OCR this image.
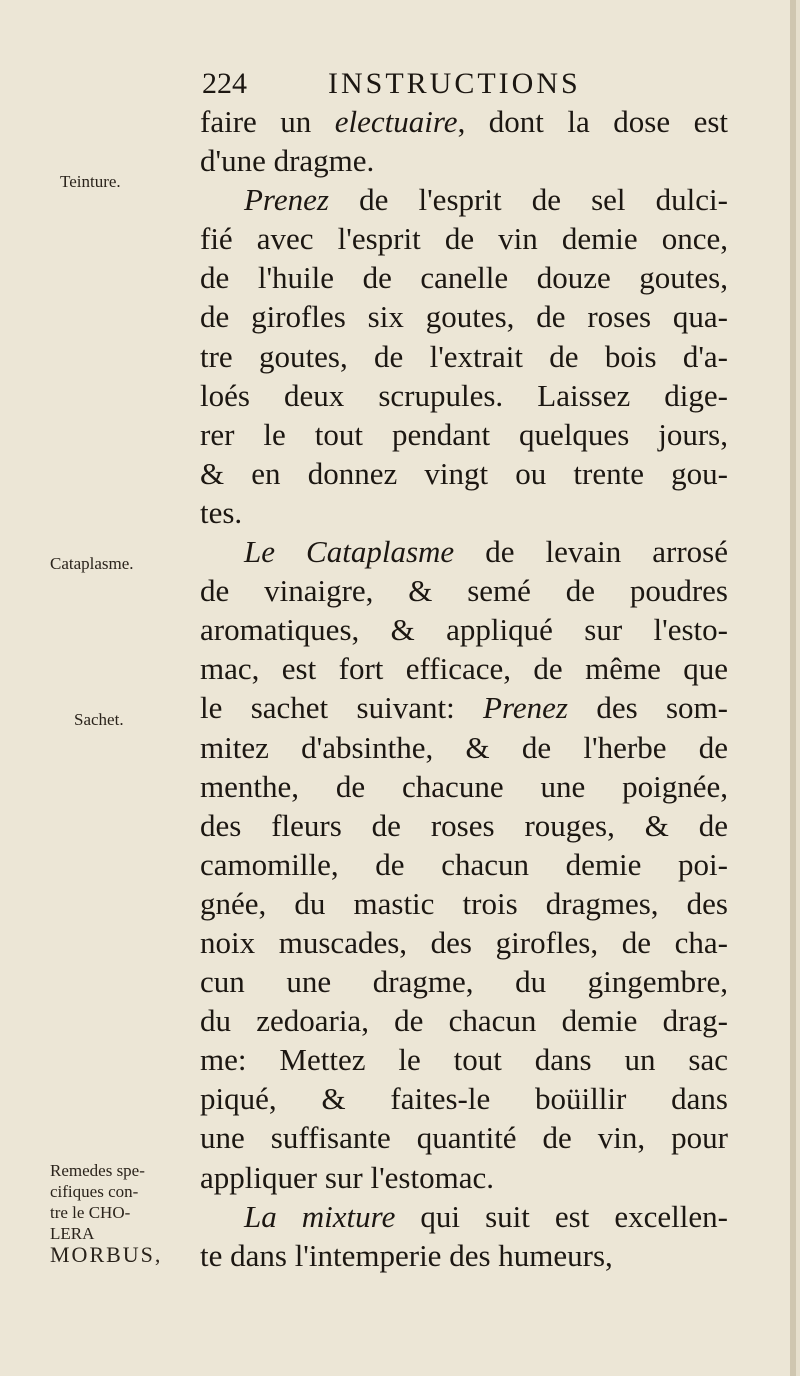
224	INSTRUCTIONS
Teinture.
Cataplasme.
Sachet.
Remedes spe-
cifiques con-
tre le CHO-
LERA
MORBUS,
faire un electuaire, dont la dose est
d'une dragme.
Prenez de l'esprit de sel dulci-
fié avec l'esprit de vin demie once,
de l'huile de canelle douze goutes,
de girofles six goutes, de roses qua-
tre goutes, de l'extrait de bois d'a-
loés deux scrupules. Laissez dige-
rer le tout pendant quelques jours,
& en donnez vingt ou trente gou-
tes.
Le Cataplasme de levain arrosé
de vinaigre, & semé de poudres
aromatiques, & appliqué sur l'esto-
mac, est fort efficace, de même que
le sachet suivant: Prenez des som-
mitez d'absinthe, & de l'herbe de
menthe, de chacune une poignée,
des fleurs de roses rouges, & de
camomille, de chacun demie poi-
gnée, du mastic trois dragmes, des
noix muscades, des girofles, de cha-
cun une dragme, du gingembre,
du zedoaria, de chacun demie drag-
me: Mettez le tout dans un sac
piqué, & faites-le boüillir dans
une suffisante quantité de vin, pour
appliquer sur l'estomac.
La mixture qui suit est excellen-
te dans l'intemperie des humeurs,
